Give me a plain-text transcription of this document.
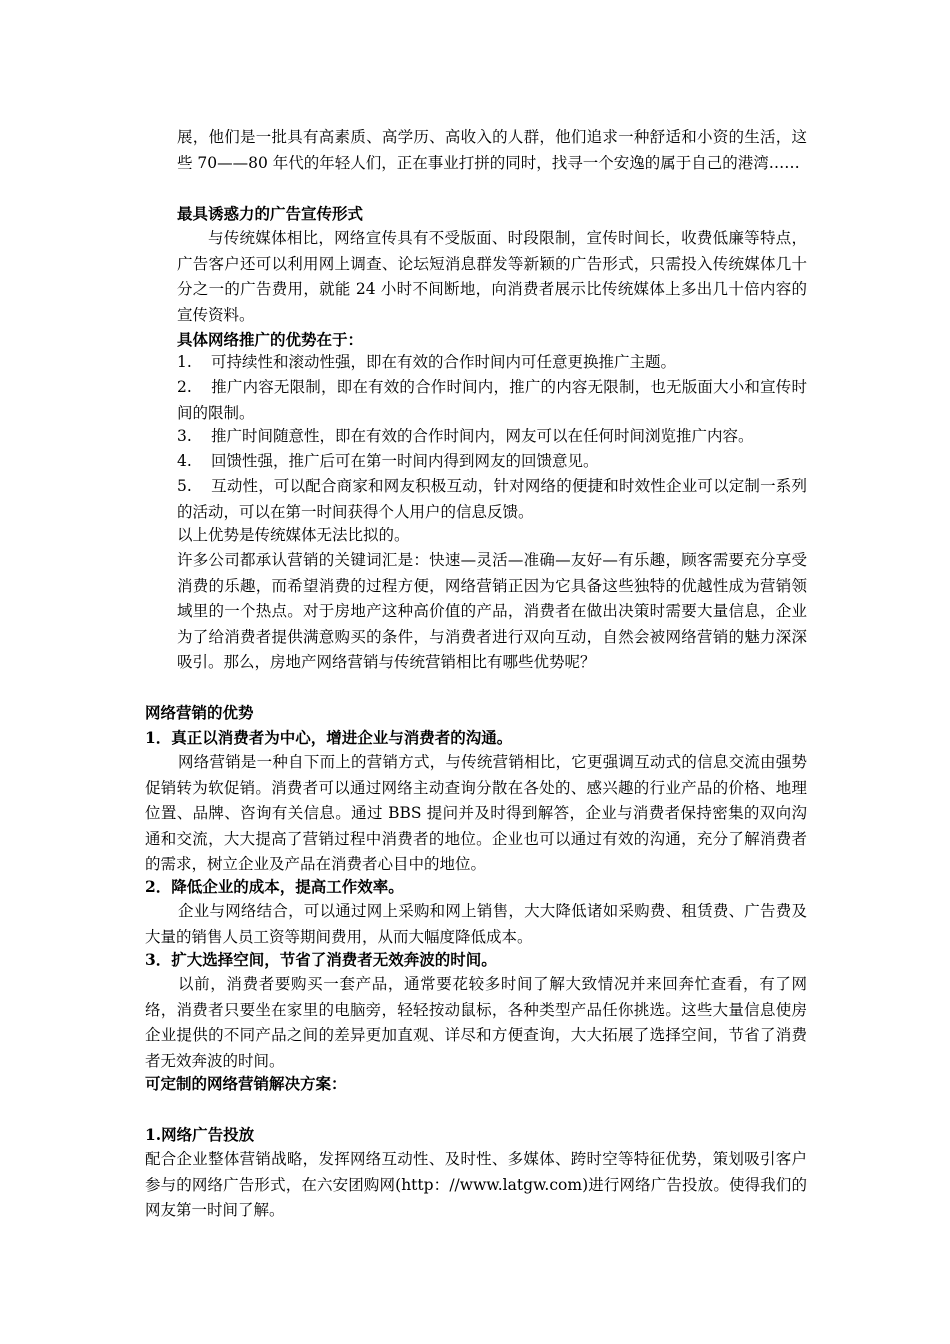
展，他们是一批具有高素质、高学历、高收入的人群，他们追求一种舒适和小资的生活，这些 70——80 年代的年轻人们，正在事业打拼的同时，找寻一个安逸的属于自己的港湾……

最具诱惑力的广告宣传形式

与传统媒体相比，网络宣传具有不受版面、时段限制，宣传时间长，收费低廉等特点，广告客户还可以利用网上调查、论坛短消息群发等新颖的广告形式，只需投入传统媒体几十分之一的广告费用，就能 24 小时不间断地，向消费者展示比传统媒体上多出几十倍内容的宣传资料。

具体网络推广的优势在于：

1. 可持续性和滚动性强，即在有效的合作时间内可任意更换推广主题。

2. 推广内容无限制，即在有效的合作时间内，推广的内容无限制，也无版面大小和宣传时间的限制。

3. 推广时间随意性，即在有效的合作时间内，网友可以在任何时间浏览推广内容。

4. 回馈性强，推广后可在第一时间内得到网友的回馈意见。

5. 互动性，可以配合商家和网友积极互动，针对网络的便捷和时效性企业可以定制一系列的活动，可以在第一时间获得个人用户的信息反馈。

以上优势是传统媒体无法比拟的。

许多公司都承认营销的关键词汇是：快速—灵活—准确—友好—有乐趣，顾客需要充分享受消费的乐趣，而希望消费的过程方便，网络营销正因为它具备这些独特的优越性成为营销领域里的一个热点。对于房地产这种高价值的产品，消费者在做出决策时需要大量信息，企业为了给消费者提供满意购买的条件，与消费者进行双向互动，自然会被网络营销的魅力深深吸引。那么，房地产网络营销与传统营销相比有哪些优势呢？

网络营销的优势

1．真正以消费者为中心，增进企业与消费者的沟通。

网络营销是一种自下而上的营销方式，与传统营销相比，它更强调互动式的信息交流由强势促销转为软促销。消费者可以通过网络主动查询分散在各处的、感兴趣的行业产品的价格、地理位置、品牌、咨询有关信息。通过 BBS 提问并及时得到解答，企业与消费者保持密集的双向沟通和交流，大大提高了营销过程中消费者的地位。企业也可以通过有效的沟通，充分了解消费者的需求，树立企业及产品在消费者心目中的地位。

2．降低企业的成本，提高工作效率。

企业与网络结合，可以通过网上采购和网上销售，大大降低诸如采购费、租赁费、广告费及大量的销售人员工资等期间费用，从而大幅度降低成本。

3．扩大选择空间，节省了消费者无效奔波的时间。

以前，消费者要购买一套产品，通常要花较多时间了解大致情况并来回奔忙查看，有了网络，消费者只要坐在家里的电脑旁，轻轻按动鼠标，各种类型产品任你挑选。这些大量信息使房企业提供的不同产品之间的差异更加直观、详尽和方便查询，大大拓展了选择空间，节省了消费者无效奔波的时间。

可定制的网络营销解决方案：

1.网络广告投放

配合企业整体营销战略，发挥网络互动性、及时性、多媒体、跨时空等特征优势，策划吸引客户参与的网络广告形式，在六安团购网(http：//www.latgw.com)进行网络广告投放。使得我们的网友第一时间了解。
